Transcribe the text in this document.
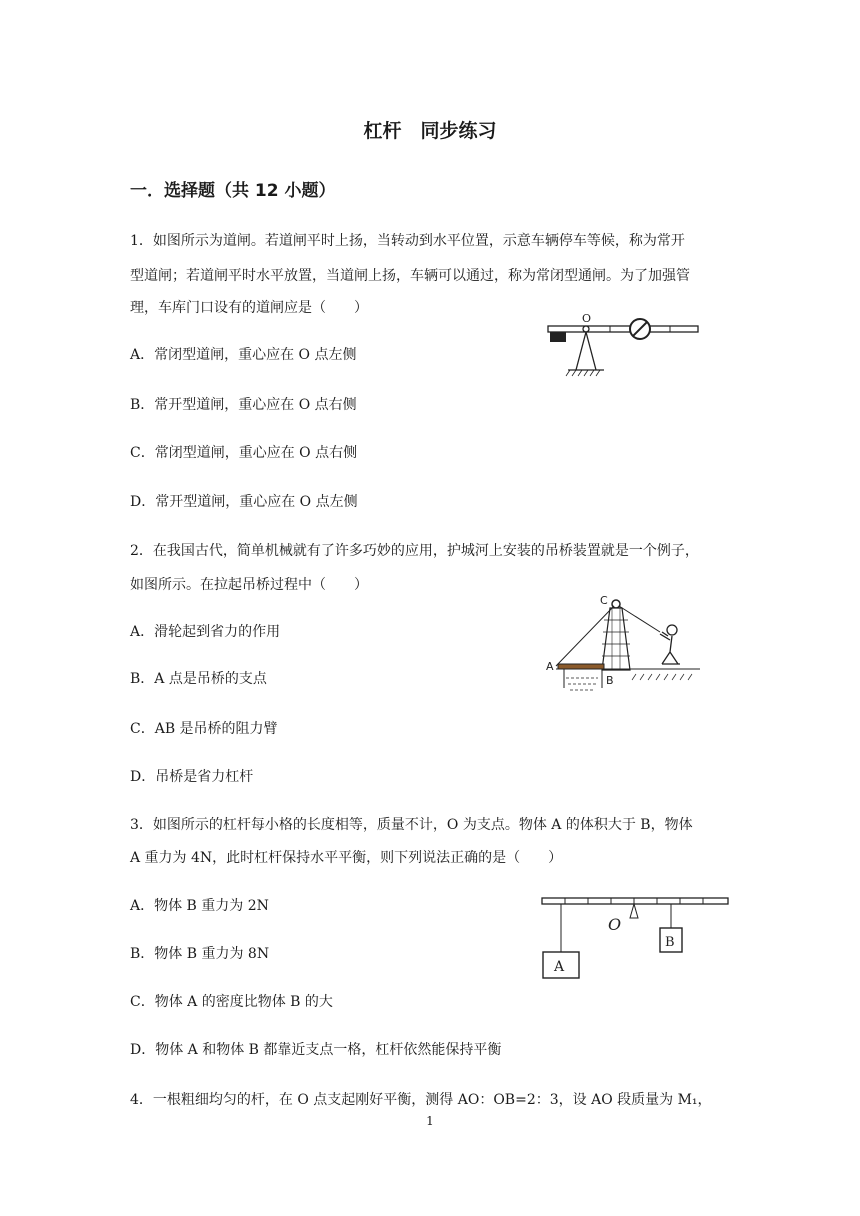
杠杆　同步练习
一．选择题（共 12 小题）
1．如图所示为道闸。若道闸平时上扬，当转动到水平位置，示意车辆停车等候，称为常开
型道闸；若道闸平时水平放置，当道闸上扬，车辆可以通过，称为常闭型通闸。为了加强管
理，车库门口设有的道闸应是（　　）
A．常闭型道闸，重心应在 O 点左侧
B．常开型道闸，重心应在 O 点右侧
C．常闭型道闸，重心应在 O 点右侧
D．常开型道闸，重心应在 O 点左侧
O
2．在我国古代，简单机械就有了许多巧妙的应用，护城河上安装的吊桥装置就是一个例子，
如图所示。在拉起吊桥过程中（　　）
A．滑轮起到省力的作用
B．A 点是吊桥的支点
C．AB 是吊桥的阻力臂
D．吊桥是省力杠杆
C
A
B
3．如图所示的杠杆每小格的长度相等，质量不计，O 为支点。物体 A 的体积大于 B，物体
A 重力为 4N，此时杠杆保持水平平衡，则下列说法正确的是（　　）
A．物体 B 重力为 2N
B．物体 B 重力为 8N
C．物体 A 的密度比物体 B 的大
D．物体 A 和物体 B 都靠近支点一格，杠杆依然能保持平衡
O
A
B
4．一根粗细均匀的杆，在 O 点支起刚好平衡，测得 AO：OB=2：3，设 AO 段质量为 M₁，
1
